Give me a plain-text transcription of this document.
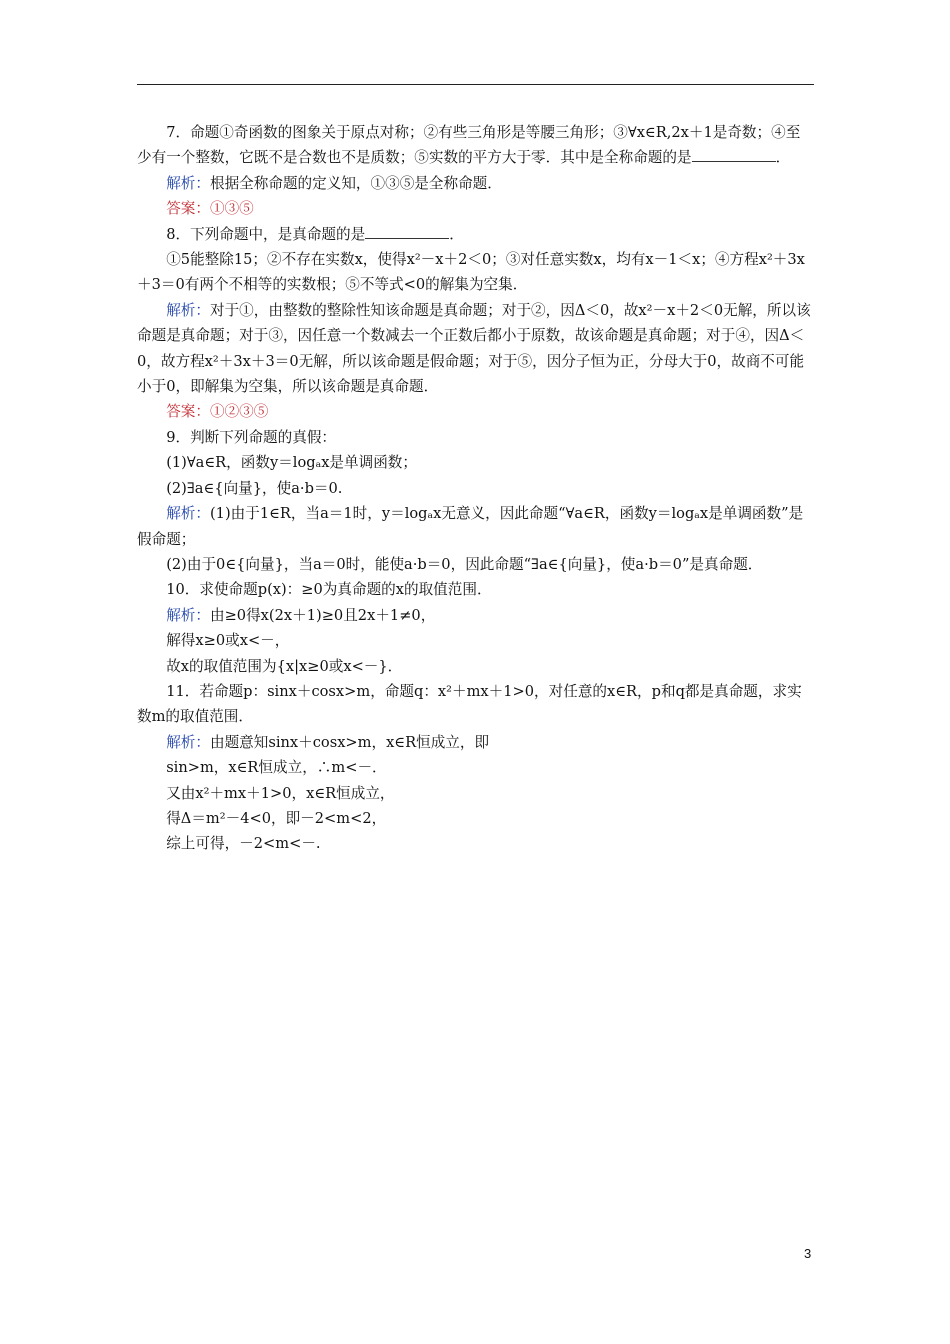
7．命题①奇函数的图象关于原点对称；②有些三角形是等腰三角形；③∀x∈R,2x＋1是奇数；④至少有一个整数，它既不是合数也不是质数；⑤实数的平方大于零．其中是全称命题的是	．

解析：根据全称命题的定义知，①③⑤是全称命题．

答案：①③⑤

8．下列命题中，是真命题的是	．

①5能整除15；②不存在实数x，使得x²－x＋2＜0；③对任意实数x，均有x－1＜x；④方程x²＋3x＋3＝0有两个不相等的实数根；⑤不等式<0的解集为空集．

解析：对于①，由整数的整除性知该命题是真命题；对于②，因Δ＜0，故x²－x＋2＜0无解，所以该命题是真命题；对于③，因任意一个数减去一个正数后都小于原数，故该命题是真命题；对于④，因Δ＜0，故方程x²＋3x＋3＝0无解，所以该命题是假命题；对于⑤，因分子恒为正，分母大于0，故商不可能小于0，即解集为空集，所以该命题是真命题．

答案：①②③⑤

9．判断下列命题的真假：

(1)∀a∈R，函数y＝logₐx是单调函数；

(2)∃a∈{向量}，使a·b＝0.

解析：(1)由于1∈R，当a＝1时，y＝logₐx无意义，因此命题“∀a∈R，函数y＝logₐx是单调函数”是假命题；

(2)由于0∈{向量}，当a＝0时，能使a·b＝0，因此命题“∃a∈{向量}，使a·b＝0”是真命题．

10．求使命题p(x)：≥0为真命题的x的取值范围．

解析：由≥0得x(2x＋1)≥0且2x＋1≠0，

解得x≥0或x<－，

故x的取值范围为{x|x≥0或x<－}．

11．若命题p：sinx＋cosx>m，命题q：x²＋mx＋1>0，对任意的x∈R，p和q都是真命题，求实数m的取值范围．

解析：由题意知sinx＋cosx>m，x∈R恒成立，即

sin>m，x∈R恒成立，∴m<－．

又由x²＋mx＋1>0，x∈R恒成立，

得Δ＝m²－4<0，即－2<m<2，

综上可得，－2<m<－.

3
